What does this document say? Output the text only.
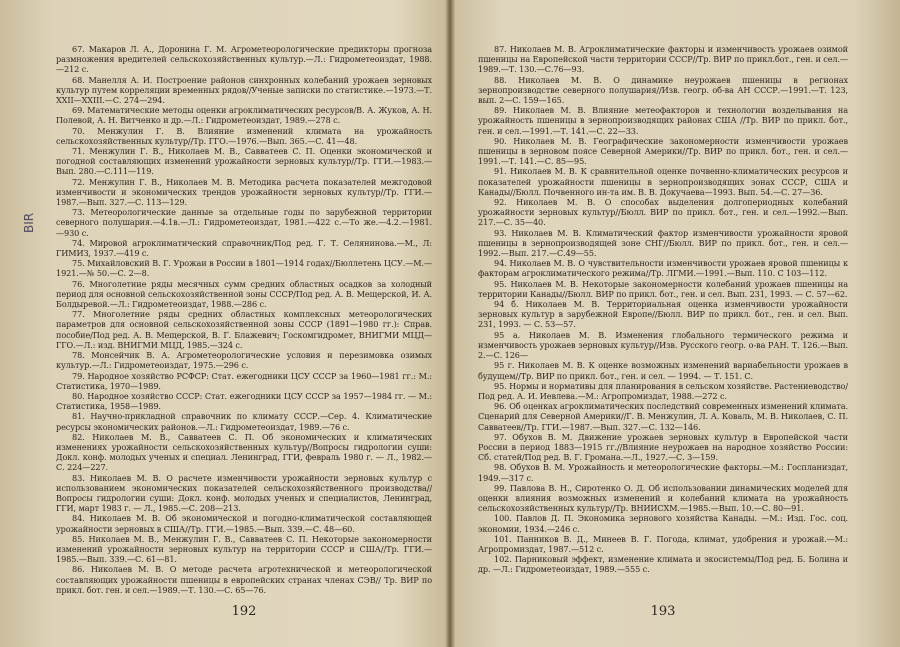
BIR

67. Макаров Л. А., Доронина Г. М. Агрометеорологические предикторы прогноза размножения вредителей сельскохозяйственных культур.—Л.: Гидрометеоиздат, 1988.—212 с.

68. Манелля А. И. Построение районов синхронных колебаний урожаев зерновых культур путем корреляции временных рядов//Ученые записки по статистике.—1973.—Т. XXII—XXIII.—С. 274—294.

69. Математические методы оценки агроклиматических ресурсов/В. А. Жуков, А. Н. Полевой, А. Н. Витченко и др.—Л.: Гидрометеоиздат, 1989.—278 с.

70. Менжулин Г. В. Влияние изменений климата на урожайность сельскохозяйственных культур//Тр. ГГО.—1976.—Вып. 365.—С. 41—48.

71. Менжулин Г. В., Николаев М. В., Савватеев С. П. Оценки экономической и погодной составляющих изменений урожайности зерновых культур//Тр. ГГИ.—1983.—Вып. 280.—С.111—119.

72. Менжулин Г. В., Николаев М. В. Методика расчета показателей межгодовой изменчивости и экономических трендов урожайности зерновых культур//Тр. ГГИ.—1987.—Вып. 327.—С. 113—129.

73. Метеорологические данные за отдельные годы по зарубежной территории северного полушария.—4.1в.—Л.: Гидрометеоиздат, 1981.—422 с.—То же.—4.2.—1981.—930 с.

74. Мировой агроклиматический справочник/Под ред. Г. Т. Селянинова.—М., Л: ГИМИЗ, 1937.—419 с.

75. Михайловский В. Г. Урожаи в России в 1801—1914 годах//Бюллетень ЦСУ.—М.—1921.—№ 50.—С. 2—8.

76. Многолетние ряды месячных сумм средних областных осадков за холодный период для основной сельскохозяйственной зоны СССР/Под ред. А. В. Мещерской, И. А. Болдыревой.—Л.: Гидрометеоиздат, 1988.—286 с.

77. Многолетние ряды средних областных комплексных метеорологических параметров для основной сельскохозяйственной зоны СССР (1891—1980 гг.): Справ. пособие/Под ред. А. В. Мещерской, В. Г. Блажевич; Госкомгидромет, ВНИГМИ МЦД—ГГО.—Л.: изд. ВНИГМИ МЦД, 1985.—324 с.

78. Монсейчик В. А. Агрометеорологические условия и перезимовка озимых культур.—Л.: Гидрометеоиздат, 1975.—296 с.

79. Народное хозяйство РСФСР: Стат. ежегодники ЦСУ СССР за 1960—1981 гг.: М.: Статистика, 1970—1989.

80. Народное хозяйство СССР: Стат. ежегодники ЦСУ СССР за 1957—1984 гг. — М.: Статистика, 1958—1989.

81. Научно-прикладной справочник по климату СССР.—Сер. 4. Климатические ресурсы экономических районов.—Л.: Гидрометеоиздат, 1989.—76 с.

82. Николаев М. В., Савватеев С. П. Об экономических и климатических изменениях урожайности сельскохозяйственных культур//Вопросы гидрологии суши: Докл. конф. молодых ученых и специал. Ленинград, ГГИ, февраль 1980 г. — Л., 1982.—С. 224—227.

83. Николаев М. В. О расчете изменчивости урожайности зерновых культур с использованием экономических показателей сельскохозяйственного производства//Вопросы гидрологии суши: Докл. конф. молодых ученых и специалистов, Ленинград, ГГИ, март 1983 г. — Л., 1985.—С. 208—213.

84. Николаев М. В. Об экономической и погодно-климатической составляющей урожайности зерновых в США//Тр. ГГИ.—1985.—Вып. 339.—С. 48—60.

85. Николаев М. В., Менжулин Г. В., Савватеев С. П. Некоторые закономерности изменений урожайности зерновых культур на территории СССР и США//Тр. ГГИ.—1985.—Вып. 339.—С. 61—81.

86. Николаев М. В. О методе расчета агротехнической и метеорологической составляющих урожайности пшеницы в европейских странах членах СЭВ// Тр. ВИР по прикл. бот. ген. и сел.—1989.—Т. 130.—С. 65—76.

192

87. Николаев М. В. Агроклиматические факторы и изменчивость урожаев озимой пшеницы на Европейской части территории СССР//Тр. ВИР по прикл.бот., ген. и сел.—1989.—Т. 130.—С.76—93.

88. Николаев М. В. О динамике неурожаев пшеницы в регионах зернопроизводстве северного полушария//Изв. геогр. об-ва АН СССР.—1991.—Т. 123, вып. 2—С. 159—165.

89. Николаев М. В. Влияние метеофакторов и технологии возделывания на урожайность пшеницы в зернопроизводящих районах США //Тр. ВИР по прикл. бот., ген. и сел.—1991.—Т. 141.—С. 22—33.

90. Николаев М. В. Географические закономерности изменчивости урожаев пшеницы в зерновом поясе Северной Америки//Тр. ВИР по прикл. бот., ген. и сел.—1991.—Т. 141.—С. 85—95.

91. Николаев М. В. К сравнительной оценке почвенно-климатических ресурсов и показателей урожайности пшеницы в зернопроизводящих зонах СССР, США и Канады//Бюлл. Почвенного ин-та им. В. В. Докучаева—1993. Вып. 54.—С. 27—36.

92. Николаев М. В. О способах выделения долгопериодных колебаний урожайности зерновых культур//Бюлл. ВИР по прикл. бот., ген. и сел.—1992.—Вып. 217.—С. 35—40.

93. Николаев М. В. Климатический фактор изменчивости урожайности яровой пшеницы в зернопроизводящей зоне СНГ//Бюлл. ВИР по прикл. бот., ген. и сел.—1992.—Вып. 217.—С.49—55.

94. Николаев М. В. О чувствительности изменчивости урожаев яровой пшеницы к факторам агроклиматического режима//Тр. ЛГМИ.—1991.—Вып. 110. С 103—112.

95. Николаев М. В. Некоторые закономерности колебаний урожаев пшеницы на территории Канады//Бюлл. ВИР по прикл. бот., ген. и сел. Вып. 231, 1993. — С. 57—62.

94 б. Николаев М. В. Территориальная оценка изменчивости урожайности зерновых культур в зарубежной Европе//Бюлл. ВИР по прикл. бот., ген. и сел. Вып. 231, 1993. — С. 53—57.

95 а. Николаев М. В. Изменения глобального термического режима и изменчивость урожаев зерновых культур//Изв. Русского геогр. о-ва РАН. Т. 126.—Вып. 2.—С. 126—

95 г. Николаев М. В. К оценке возможных изменений вариабельности урожаев в будущем//Тр. ВИР по прикл. бот., ген. и сел. — 1994. — Т. 151. С.

95. Нормы и нормативы для планирования в сельском хозяйстве. Растениеводство/Под ред. А. И. Иевлева.—М.: Агропромиздат, 1988.—272 с.

96. Об оценках агроклиматических последствий современных изменений климата. Сценарий для Северной Америки//Г. В. Менжулин, Л. А. Коваль, М. В. Николаев, С. П. Савватеев//Тр. ГГИ.—1987.—Вып. 327.—С. 132—146.

97. Обухов В. М. Движение урожаев зерновых культур в Европейской части России в период 1883—1915 гг.//Влияние неурожаев на народное хозяйство России: Сб. статей/Под ред. В. Г. Громана.—Л., 1927.—С. 3—159.

98. Обухов В. М. Урожайность и метеорологические факторы.—М.: Госпланиздат, 1949.—317 с.

99. Павлова В. Н., Сиротенко О. Д. Об использовании динамических моделей для оценки влияния возможных изменений и колебаний климата на урожайность сельскохозяйственных культур//Тр. ВНИИСХМ.—1985.—Вып. 10.—С. 80—91.

100. Павлов Д. П. Экономика зернового хозяйства Канады. —М.: Изд. Гос. соц. экономии, 1934.—246 с.

101. Панников В. Д., Минеев В. Г. Погода, климат, удобрения и урожай.—М.: Агропромиздат, 1987.—512 с.

102. Парниковый эффект, изменение климата и экосистемы/Под ред. Б. Болина и др. —Л.: Гидрометеоиздат, 1989.—555 с.

193
